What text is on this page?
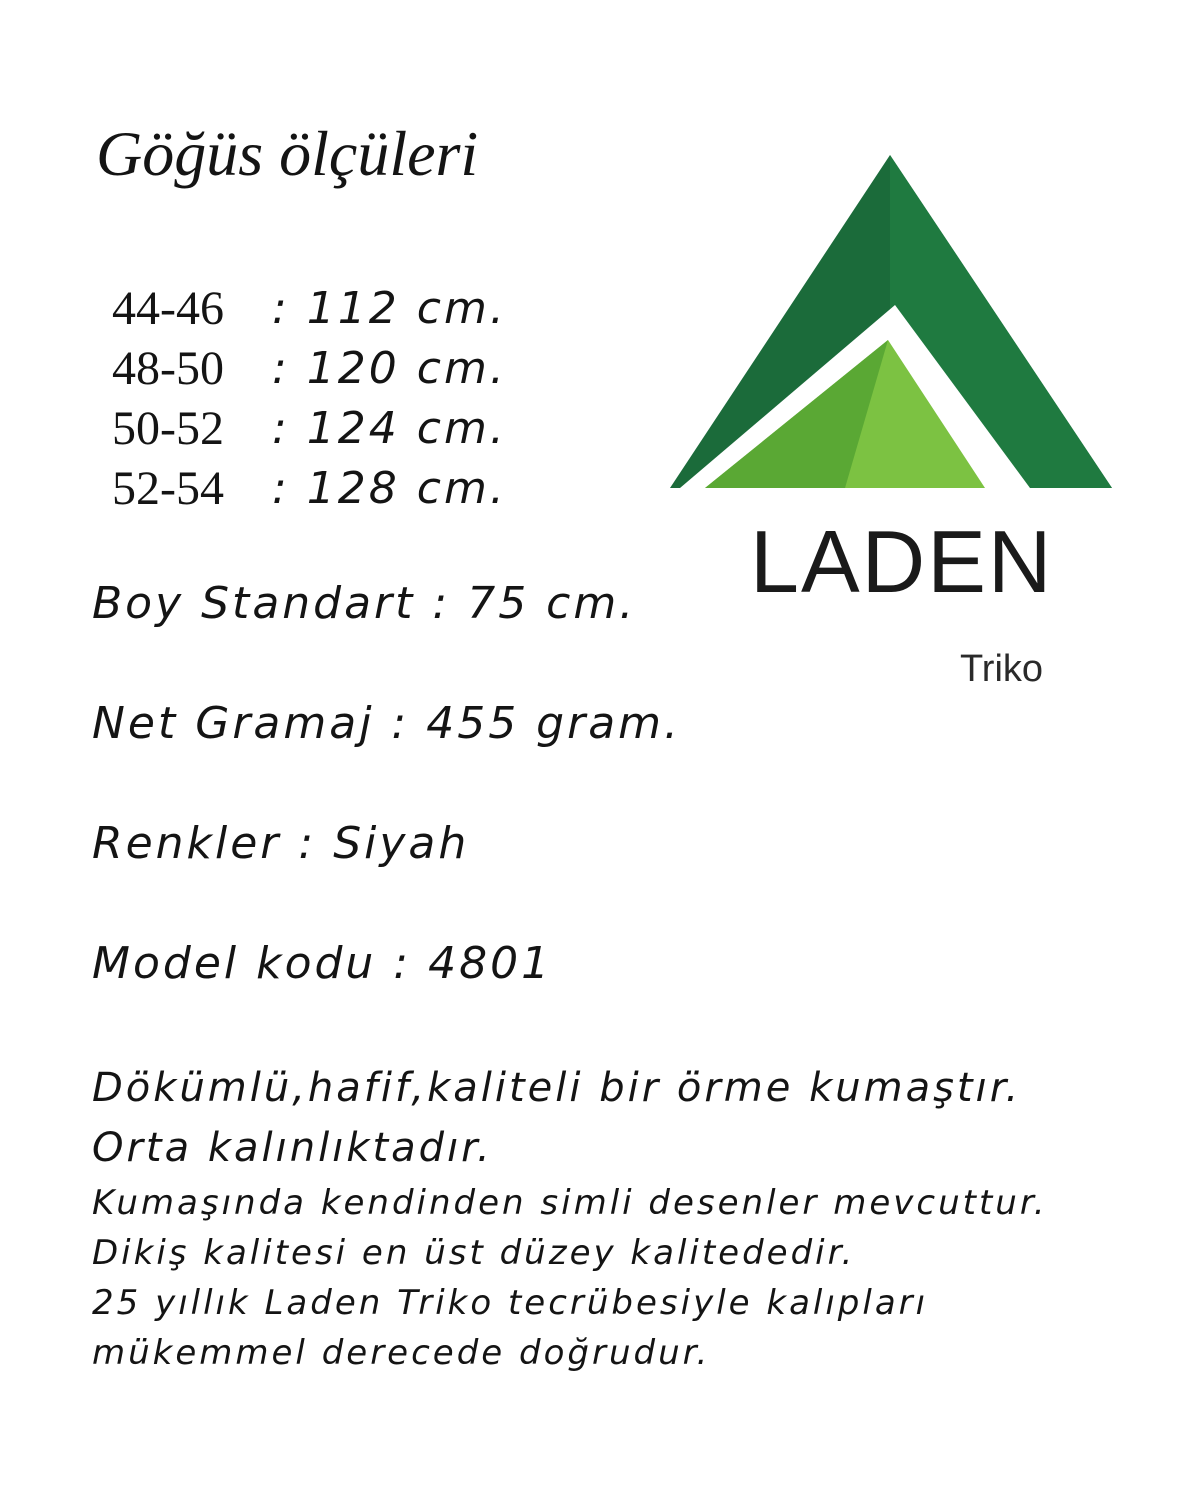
Göğüs ölçüleri
44-46	: 112 cm.
48-50	: 120 cm.
50-52	: 124 cm.
52-54	: 128 cm.
Boy Standart : 75 cm.
Net Gramaj : 455 gram.
Renkler : Siyah
Model kodu : 4801
Dökümlü,hafif,kaliteli bir örme kumaştır.
Orta kalınlıktadır.
Kumaşında kendinden simli desenler mevcuttur.
Dikiş kalitesi en üst düzey kalitededir.
25 yıllık Laden Triko tecrübesiyle kalıpları
mükemmel derecede doğrudur.
LADEN
Triko
